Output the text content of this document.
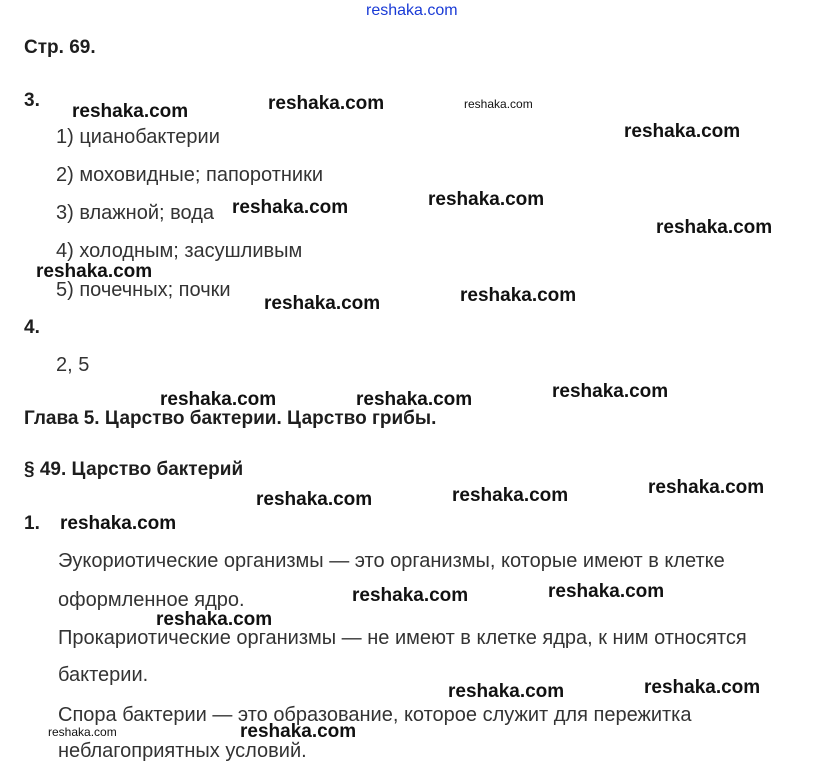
reshaka.com
Стр. 69.
3.
1) цианобактерии
2) моховидные; папоротники
3) влажной; вода
4) холодным; засушливым
5) почечных; почки
4.
2, 5
Глава 5. Царство бактерии. Царство грибы.
§ 49. Царство бактерий
1.
Эукориотические организмы — это организмы, которые имеют в клетке
оформленное ядро.
Прокариотические организмы — не имеют в клетке ядра, к ним относятся
бактерии.
Спора бактерии — это образование, которое служит для пережитка
неблагоприятных условий.
reshaka.com	reshaka.com	reshaka.com
reshaka.com
reshaka.com	reshaka.com
reshaka.com
reshaka.com
reshaka.com	reshaka.com
reshaka.com	reshaka.com	reshaka.com
reshaka.com	reshaka.com	reshaka.com
reshaka.com
reshaka.com	reshaka.com
reshaka.com
reshaka.com	reshaka.com
reshaka.com	reshaka.com
